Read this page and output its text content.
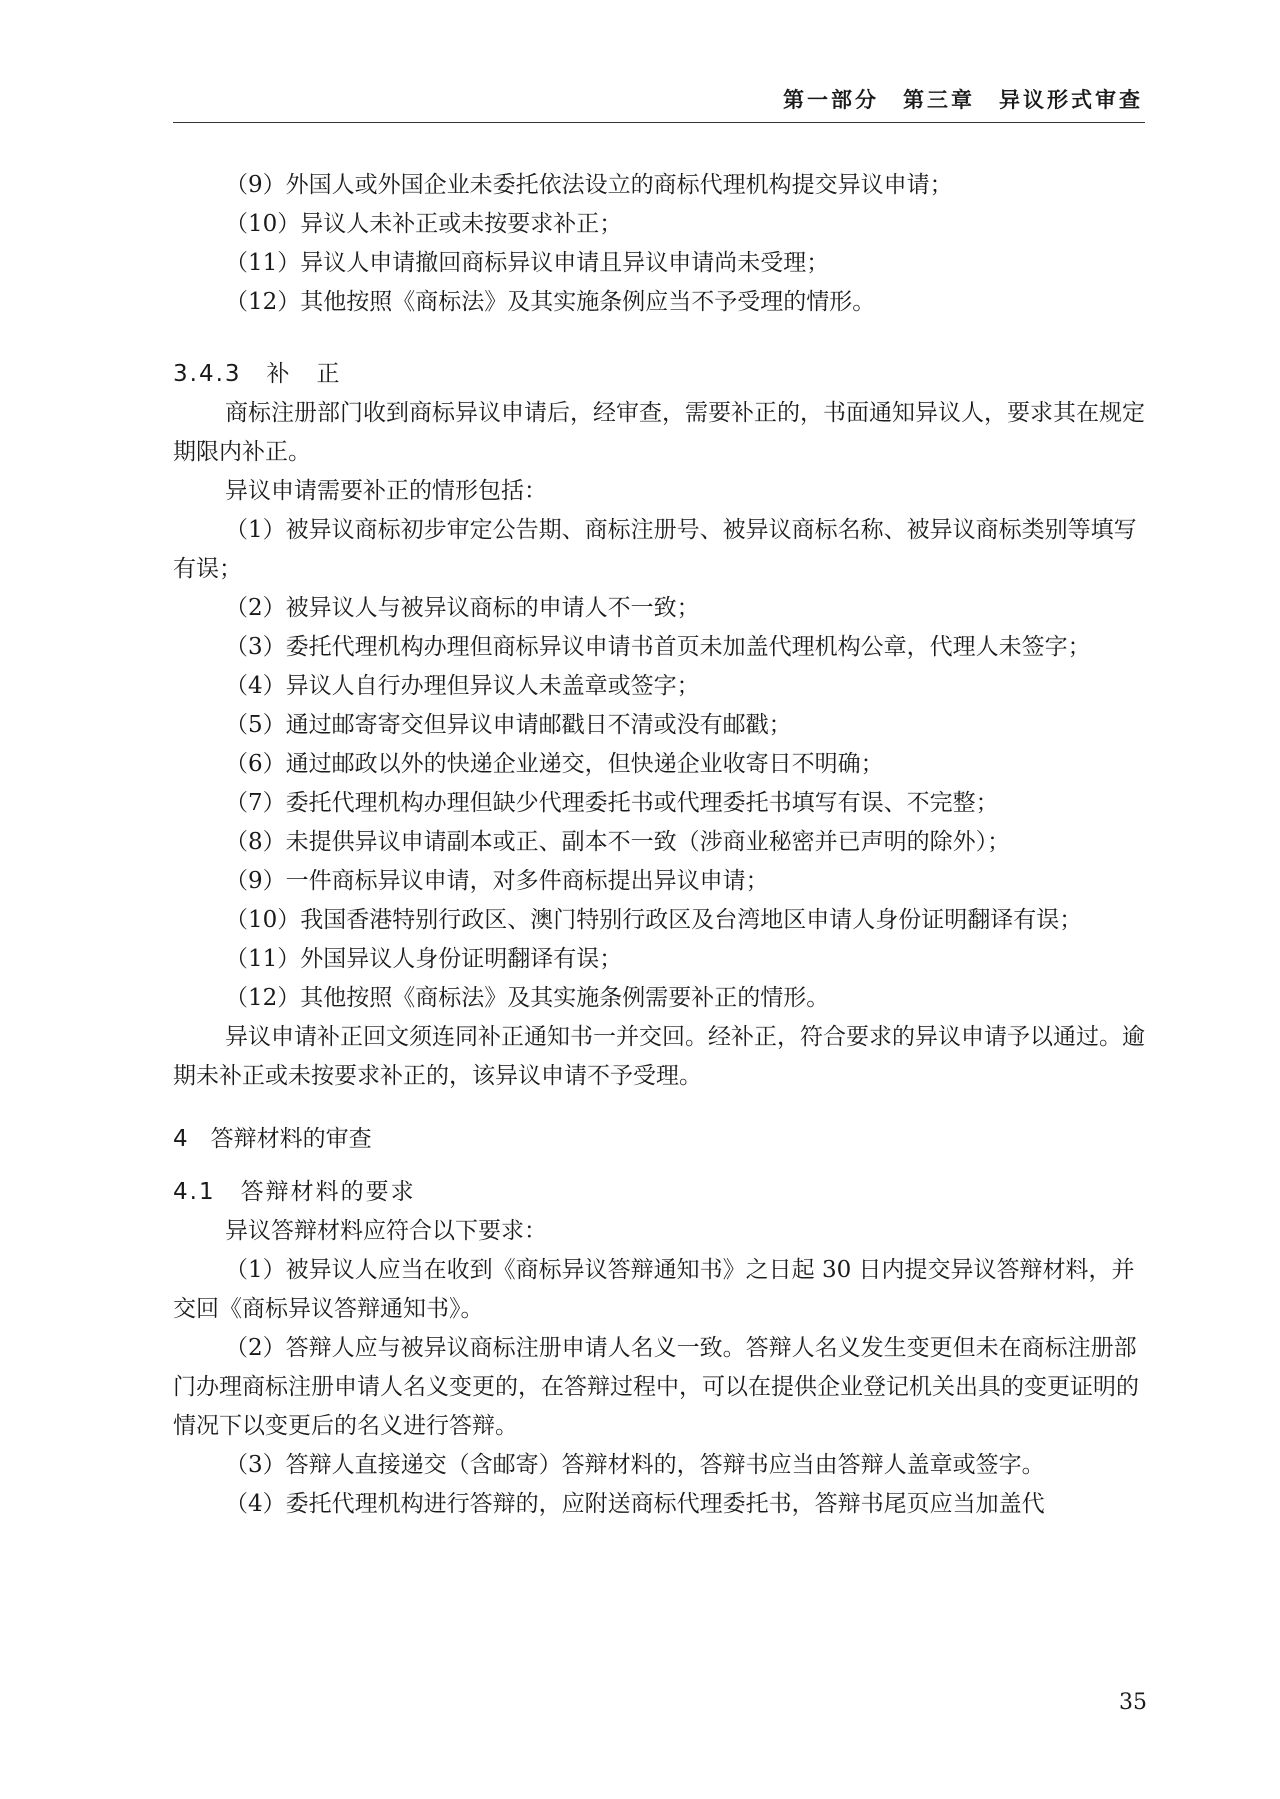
第一部分　第三章　异议形式审查

（9）外国人或外国企业未委托依法设立的商标代理机构提交异议申请；

（10）异议人未补正或未按要求补正；

（11）异议人申请撤回商标异议申请且异议申请尚未受理；

（12）其他按照《商标法》及其实施条例应当不予受理的情形。

3.4.3　补　正

商标注册部门收到商标异议申请后，经审查，需要补正的，书面通知异议人，要求其在规定期限内补正。

异议申请需要补正的情形包括：

（1）被异议商标初步审定公告期、商标注册号、被异议商标名称、被异议商标类别等填写有误；

（2）被异议人与被异议商标的申请人不一致；

（3）委托代理机构办理但商标异议申请书首页未加盖代理机构公章，代理人未签字；

（4）异议人自行办理但异议人未盖章或签字；

（5）通过邮寄寄交但异议申请邮戳日不清或没有邮戳；

（6）通过邮政以外的快递企业递交，但快递企业收寄日不明确；

（7）委托代理机构办理但缺少代理委托书或代理委托书填写有误、不完整；

（8）未提供异议申请副本或正、副本不一致（涉商业秘密并已声明的除外）；

（9）一件商标异议申请，对多件商标提出异议申请；

（10）我国香港特别行政区、澳门特别行政区及台湾地区申请人身份证明翻译有误；

（11）外国异议人身份证明翻译有误；

（12）其他按照《商标法》及其实施条例需要补正的情形。

异议申请补正回文须连同补正通知书一并交回。经补正，符合要求的异议申请予以通过。逾期未补正或未按要求补正的，该异议申请不予受理。

4　答辩材料的审查

4.1　答辩材料的要求

异议答辩材料应符合以下要求：

（1）被异议人应当在收到《商标异议答辩通知书》之日起 30 日内提交异议答辩材料，并交回《商标异议答辩通知书》。

（2）答辩人应与被异议商标注册申请人名义一致。答辩人名义发生变更但未在商标注册部门办理商标注册申请人名义变更的，在答辩过程中，可以在提供企业登记机关出具的变更证明的情况下以变更后的名义进行答辩。

（3）答辩人直接递交（含邮寄）答辩材料的，答辩书应当由答辩人盖章或签字。

（4）委托代理机构进行答辩的，应附送商标代理委托书，答辩书尾页应当加盖代

35
